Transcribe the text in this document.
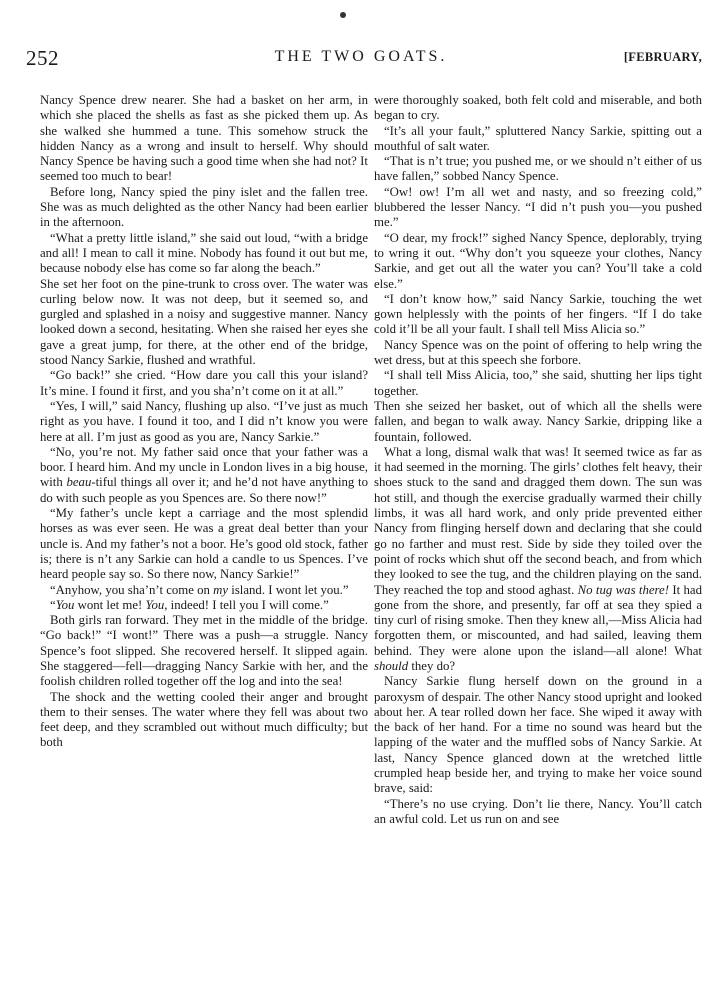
252	THE TWO GOATS.	[FEBRUARY,

Nancy Spence drew nearer. She had a basket on her arm, in which she placed the shells as fast as she picked them up. As she walked she hummed a tune. This somehow struck the hidden Nancy as a wrong and insult to herself. Why should Nancy Spence be having such a good time when she had not? It seemed too much to bear!

Before long, Nancy spied the piny islet and the fallen tree. She was as much delighted as the other Nancy had been earlier in the afternoon.

“What a pretty little island,” she said out loud, “with a bridge and all! I mean to call it mine. Nobody has found it out but me, because nobody else has come so far along the beach.”

She set her foot on the pine-trunk to cross over. The water was curling below now. It was not deep, but it seemed so, and gurgled and splashed in a noisy and suggestive manner. Nancy looked down a second, hesitating. When she raised her eyes she gave a great jump, for there, at the other end of the bridge, stood Nancy Sarkie, flushed and wrathful.

“Go back!” she cried. “How dare you call this your island? It’s mine. I found it first, and you sha’n’t come on it at all.”

“Yes, I will,” said Nancy, flushing up also. “I’ve just as much right as you have. I found it too, and I did n’t know you were here at all. I’m just as good as you are, Nancy Sarkie.”

“No, you’re not. My father said once that your father was a boor. I heard him. And my uncle in London lives in a big house, with beau-tiful things all over it; and he’d not have anything to do with such people as you Spences are. So there now!”

“My father’s uncle kept a carriage and the most splendid horses as was ever seen. He was a great deal better than your uncle is. And my father’s not a boor. He’s good old stock, father is; there is n’t any Sarkie can hold a candle to us Spences. I’ve heard people say so. So there now, Nancy Sarkie!”

“Anyhow, you sha’n’t come on my island. I wont let you.”

“You wont let me! You, indeed! I tell you I will come.”

Both girls ran forward. They met in the middle of the bridge. “Go back!” “I wont!” There was a push—a struggle. Nancy Spence’s foot slipped. She recovered herself. It slipped again. She staggered—fell—dragging Nancy Sarkie with her, and the foolish children rolled together off the log and into the sea!

The shock and the wetting cooled their anger and brought them to their senses. The water where they fell was about two feet deep, and they scrambled out without much difficulty; but both

were thoroughly soaked, both felt cold and miserable, and both began to cry.

“It’s all your fault,” spluttered Nancy Sarkie, spitting out a mouthful of salt water.

“That is n’t true; you pushed me, or we should n’t either of us have fallen,” sobbed Nancy Spence.

“Ow! ow! I’m all wet and nasty, and so freezing cold,” blubbered the lesser Nancy. “I did n’t push you—you pushed me.”

“O dear, my frock!” sighed Nancy Spence, deplorably, trying to wring it out. “Why don’t you squeeze your clothes, Nancy Sarkie, and get out all the water you can? You’ll take a cold else.”

“I don’t know how,” said Nancy Sarkie, touching the wet gown helplessly with the points of her fingers. “If I do take cold it’ll be all your fault. I shall tell Miss Alicia so.”

Nancy Spence was on the point of offering to help wring the wet dress, but at this speech she forbore.

“I shall tell Miss Alicia, too,” she said, shutting her lips tight together.

Then she seized her basket, out of which all the shells were fallen, and began to walk away. Nancy Sarkie, dripping like a fountain, followed.

What a long, dismal walk that was! It seemed twice as far as it had seemed in the morning. The girls’ clothes felt heavy, their shoes stuck to the sand and dragged them down. The sun was hot still, and though the exercise gradually warmed their chilly limbs, it was all hard work, and only pride prevented either Nancy from flinging herself down and declaring that she could go no farther and must rest. Side by side they toiled over the point of rocks which shut off the second beach, and from which they looked to see the tug, and the children playing on the sand. They reached the top and stood aghast. No tug was there! It had gone from the shore, and presently, far off at sea they spied a tiny curl of rising smoke. Then they knew all,—Miss Alicia had forgotten them, or miscounted, and had sailed, leaving them behind. They were alone upon the island—all alone! What should they do?

Nancy Sarkie flung herself down on the ground in a paroxysm of despair. The other Nancy stood upright and looked about her. A tear rolled down her face. She wiped it away with the back of her hand. For a time no sound was heard but the lapping of the water and the muffled sobs of Nancy Sarkie. At last, Nancy Spence glanced down at the wretched little crumpled heap beside her, and trying to make her voice sound brave, said:

“There’s no use crying. Don’t lie there, Nancy. You’ll catch an awful cold. Let us run on and see
